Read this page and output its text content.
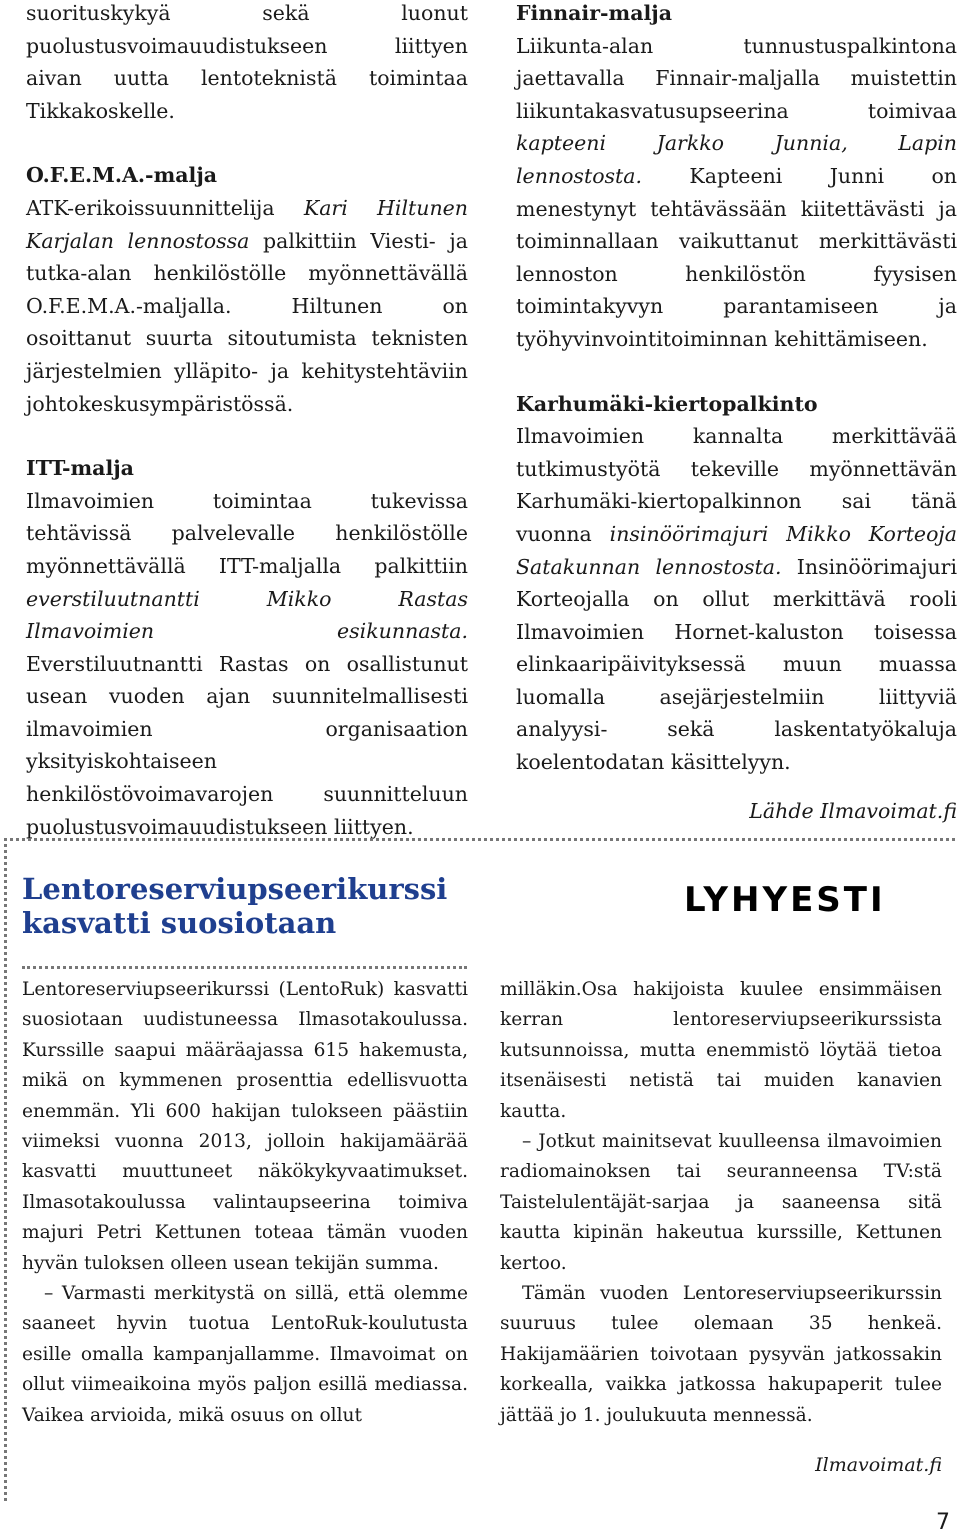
suorituskykyä sekä luonut puolustusvoimauudistukseen liittyen aivan uutta lentoteknistä toimintaa Tikkakoskelle.

O.F.E.M.A.-malja
ATK-erikoissuunnittelija Kari Hiltunen Karjalan lennostossa palkittiin Viesti- ja tutka-alan henkilöstölle myönnettävällä O.F.E.M.A.-maljalla. Hiltunen on osoittanut suurta sitoutumista teknisten järjestelmien ylläpito- ja kehitystehtäviin johtokeskusympäristössä.

ITT-malja
Ilmavoimien toimintaa tukevissa tehtävissä palvelevalle henkilöstölle myönnettävällä ITT-maljalla palkittiin everstiluutnantti Mikko Rastas Ilmavoimien esikunnasta. Everstiluutnantti Rastas on osallistunut usean vuoden ajan suunnitelmallisesti ilmavoimien organisaation yksityiskohtaiseen henkilöstövoimavarojen suunnitteluun puolustusvoimauudistukseen liittyen.

Finnair-malja
Liikunta-alan tunnustuspalkintona jaettavalla Finnair-maljalla muistettin liikuntakasvatusupseerina toimivaa kapteeni Jarkko Junnia, Lapin lennostosta. Kapteeni Junni on menestynyt tehtävässään kiitettävästi ja toiminnallaan vaikuttanut merkittävästi lennoston henkilöstön fyysisen toimintakyvyn parantamiseen ja työhyvinvointitoiminnan kehittämiseen.

Karhumäki-kiertopalkinto
Ilmavoimien kannalta merkittävää tutkimustyötä tekeville myönnettävän Karhumäki-kiertopalkinnon sai tänä vuonna insinöörimajuri Mikko Korteoja Satakunnan lennostosta. Insinöörimajuri Korteojalla on ollut merkittävä rooli Ilmavoimien Hornet-kaluston toisessa elinkaaripäivityksessä muun muassa luomalla asejärjestelmiin liittyviä analyysi- sekä laskentatyökaluja koelentodatan käsittelyyn.

Lähde Ilmavoimat.fi

Lentoreserviupseerikurssi
kasvatti suosiotaan
LYHYESTI

Lentoreserviupseerikurssi (LentoRuk) kasvatti suosiotaan uudistuneessa Ilmasotakoulussa. Kurssille saapui määräajassa 615 hakemusta, mikä on kymmenen prosenttia edellisvuotta enemmän. Yli 600 hakijan tulokseen päästiin viimeksi vuonna 2013, jolloin hakijamäärää kasvatti muuttuneet näkökykyvaatimukset. Ilmasotakoulussa valintaupseerina toimiva majuri Petri Kettunen toteaa tämän vuoden hyvän tuloksen olleen usean tekijän summa.

– Varmasti merkitystä on sillä, että olemme saaneet hyvin tuotua LentoRuk-koulutusta esille omalla kampanjallamme. Ilmavoimat on ollut viimeaikoina myös paljon esillä mediassa. Vaikea arvioida, mikä osuus on ollut

milläkin.Osa hakijoista kuulee ensimmäisen kerran lentoreserviupseerikurssista kutsunnoissa, mutta enemmistö löytää tietoa itsenäisesti netistä tai muiden kanavien kautta.

– Jotkut mainitsevat kuulleensa ilmavoimien radiomainoksen tai seuranneensa TV:stä Taistelulentäjät-sarjaa ja saaneensa sitä kautta kipinän hakeutua kurssille, Kettunen kertoo.

Tämän vuoden Lentoreserviupseerikurssin suuruus tulee olemaan 35 henkeä. Hakijamäärien toivotaan pysyvän jatkossakin korkealla, vaikka jatkossa hakupaperit tulee jättää jo 1. joulukuuta mennessä.

Ilmavoimat.fi

7
